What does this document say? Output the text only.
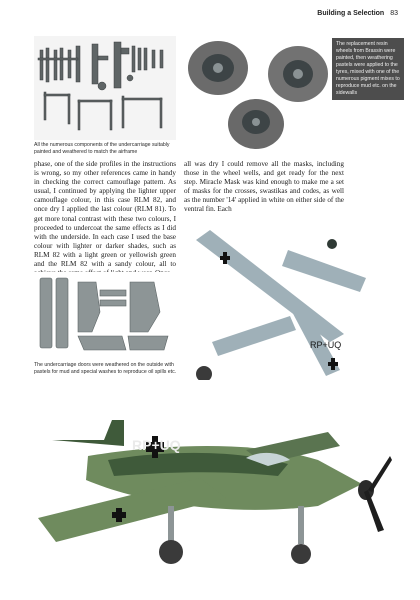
Building a Selection 83
All the numerous components of the undercarriage suitably painted and weathered to match the airframe
The replacement resin wheels from Brassin were painted, then weathering pastels were applied to the tyres, mixed with one of the numerous pigment mixes to reproduce mud etc. on the sidewalls

phase, one of the side profiles in the instructions is wrong, so my other references came in handy in checking the correct camouflage pattern. As usual, I continued by applying the lighter upper camouflage colour, in this case RLM 82, and once dry I applied the last colour (RLM 81). To get more tonal contrast with these two colours, I proceeded to undercoat the same effects as I did with the underside. In each case I used the base colour with lighter or darker shades, such as RLM 82 with a light green or yellowish green and the RLM 82 with a sandy colour, all to

all was dry I could remove all the masks, including those in the wheel wells, and get ready for the next step. Miracle Mask was kind enough to make me a set of masks for the crosses, swastikas and codes, as well as the number '14' applied in white on either side of the ventral fin. Each

The undercarriage doors were weathered on the outside with pastels for mud and special washes to reproduce oil spills etc.
RP+UQ
RP+UQ
